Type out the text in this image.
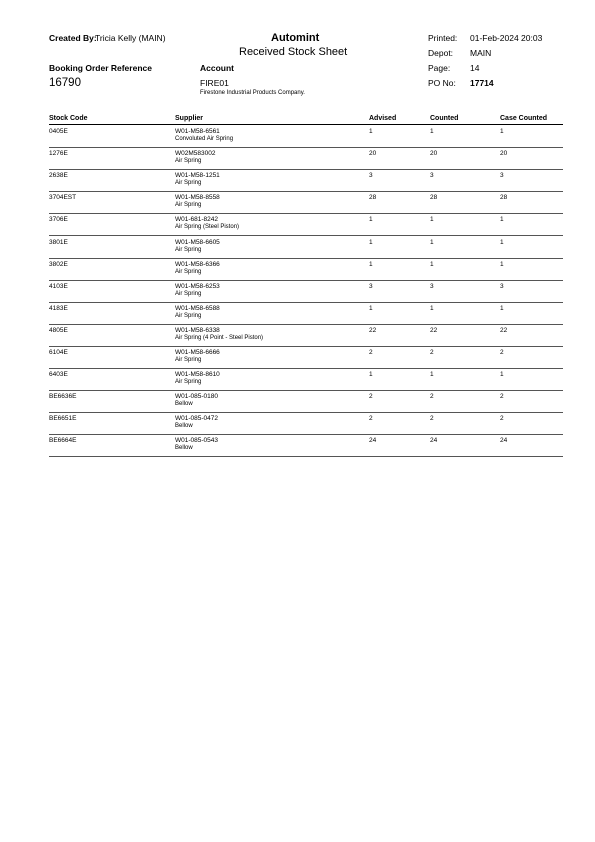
Created By:
Tricia Kelly (MAIN)	Automint
Received Stock Sheet
Printed: 01-Feb-2024 20:03
Depot: MAIN
Page: 14
Booking Order Reference
16790
Account
FIRE01
Firestone Industrial Products Company.
PO No: 17714
Stock Code	Supplier	Advised	Counted	Case Counted
0405E	W01-M58-6561	1	1	1
Convoluted Air Spring
1276E	W02M583002	20	20	20
Air Spring
2638E	W01-M58-1251	3	3	3
Air Spring
3704EST	W01-M58-8558	28	28	28
Air Spring
3706E	W01-681-8242	1	1	1
Air Spring (Steel Piston)
3801E	W01-M58-6605	1	1	1
Air Spring
3802E	W01-M58-6366	1	1	1
Air Spring
4103E	W01-M58-6253	3	3	3
Air Spring
4183E	W01-M58-6588	1	1	1
Air Spring
4805E	W01-M58-6338	22	22	22
Air Spring (4 Point - Steel Piston)
6104E	W01-M58-6666	2	2	2
Air Spring
6403E	W01-M58-8610	1	1	1
Air Spring
BE6636E	W01-085-0180	2	2	2
Bellow
BE6651E	W01-085-0472	2	2	2
Bellow
BE6664E	W01-085-0543	24	24	24
Bellow
